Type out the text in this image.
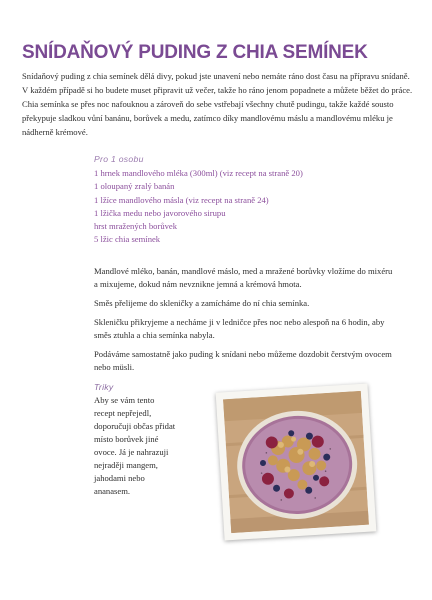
SNÍDAŇOVÝ PUDING Z CHIA SEMÍNEK

Snídaňový puding z chia semínek dělá divy, pokud jste unavení nebo nemáte ráno dost času na přípravu snídaně. V každém případě si ho budete muset připravit už večer, takže ho ráno jenom popadnete a můžete běžet do práce. Chia semínka se přes noc nafouknou a zároveň do sebe vstřebají všechny chutě pudingu, takže každé sousto překypuje sladkou vůní banánu, borůvek a medu, zatímco díky mandlovému máslu a mandlovému mléku je nádherně krémové.

Pro 1 osobu

1 hrnek mandlového mléka (300ml) (viz recept na straně 20)
1 oloupaný zralý banán
1 lžíce mandlového másla (viz recept na straně 24)
1 lžička medu nebo javorového sirupu
hrst mražených borůvek
5 lžic chia semínek

Mandlové mléko, banán, mandlové máslo, med a mražené borůvky vložíme do mixéru a mixujeme, dokud nám nevznikne jemná a krémová hmota.

Směs přelijeme do skleničky a zamícháme do ní chia semínka.

Skleničku přikryjeme a necháme ji v ledničce přes noc nebo alespoň na 6 hodin, aby směs ztuhla a chia semínka nabyla.

Podáváme samostatně jako puding k snídani nebo můžeme dozdobit čerstvým ovocem nebo müsli.

Triky

Aby se vám tento recept nepřejedl, doporučuji občas přidat místo borůvek jiné ovoce. Já je nahrazuji nejraději mangem, jahodami nebo ananasem.
